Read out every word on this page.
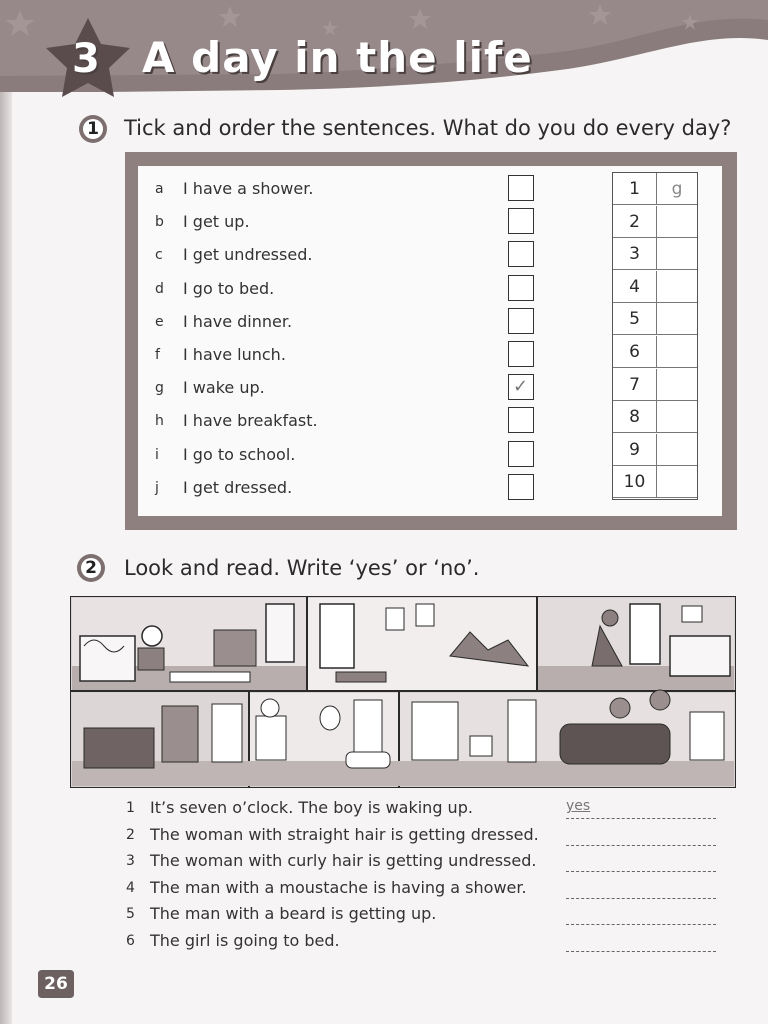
3 A day in the life
1	Tick and order the sentences. What do you do every day?
a	I have a shower.
b	I get up.
c	I get undressed.
d	I go to bed.
e	I have dinner.
f	I have lunch.
g	I wake up.	✓
h	I have breakfast.
i	I go to school.
j	I get dressed.
1	g
2
3
4
5
6
7
8
9
10
2	Look and read. Write ‘yes’ or ‘no’.
1 It’s seven o’clock. The boy is waking up.	yes
2 The woman with straight hair is getting dressed.
3 The woman with curly hair is getting undressed.
4 The man with a moustache is having a shower.
5 The man with a beard is getting up.
6 The girl is going to bed.
26
